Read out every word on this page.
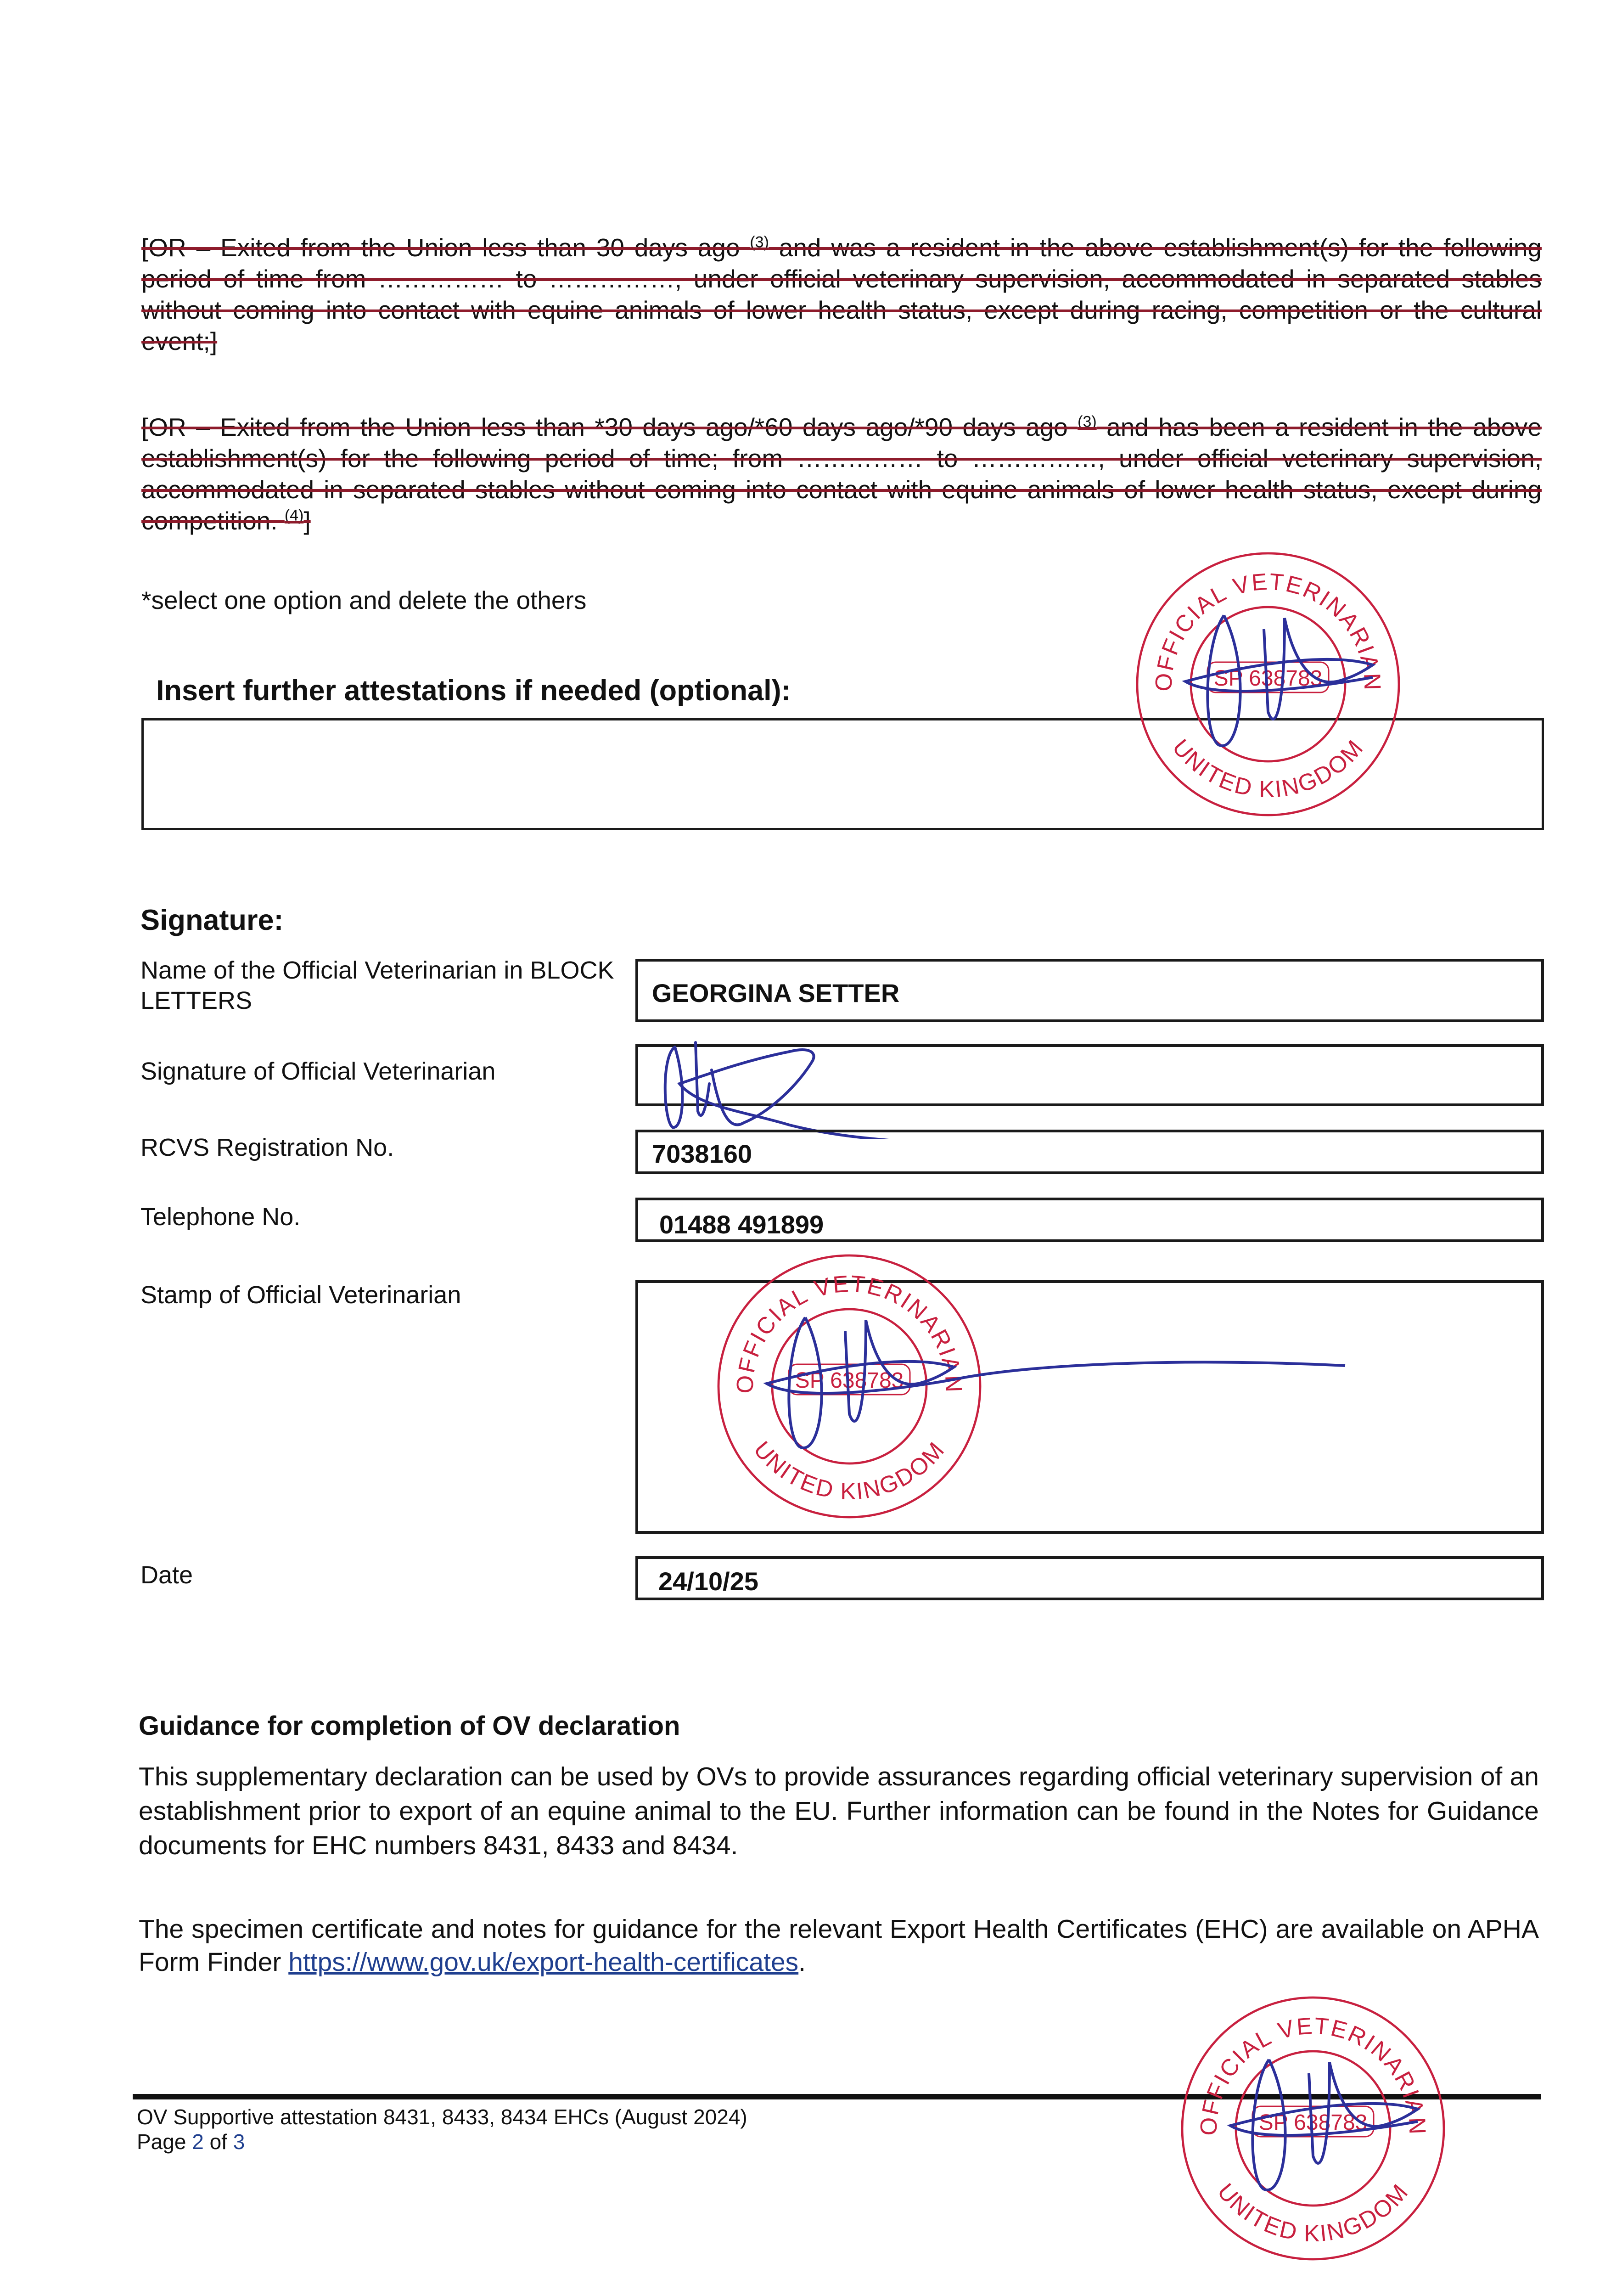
[OR – Exited from the Union less than 30 days ago $^{(3)}$ and was a resident in the above establishment(s) for the following period of time from …………… to ……………, under official veterinary supervision, accommodated in separated stables without coming into contact with equine animals of lower health status, except during racing, competition or the cultural event;]
[OR – Exited from the Union less than *30 days ago/*60 days ago/*90 days ago $^{(3)}$ and has been a resident in the above establishment(s) for the following period of time; from …………… to ……………, under official veterinary supervision, accommodated in separated stables without coming into contact with equine animals of lower health status, except during competition. $^{(4)}$]
*select one option and delete the others
Insert further attestations if needed (optional):
Signature:
Name of the Official Veterinarian in BLOCK LETTERS	GEORGINA SETTER
Signature of Official Veterinarian
RCVS Registration No.	7038160
Telephone No.	01488 491899
Stamp of Official Veterinarian
Date	24/10/25
Guidance for completion of OV declaration
This supplementary declaration can be used by OVs to provide assurances regarding official veterinary supervision of an establishment prior to export of an equine animal to the EU. Further information can be found in the Notes for Guidance documents for EHC numbers 8431, 8433 and 8434.
The specimen certificate and notes for guidance for the relevant Export Health Certificates (EHC) are available on APHA Form Finder https://www.gov.uk/export-health-certificates.
OV Supportive attestation 8431, 8433, 8434 EHCs (August 2024)
Page 2 of 3
OFFICIAL VETERINARIAN
UNITED KINGDOM
SP 638783
OFFICIAL VETERINARIAN
UNITED KINGDOM
SP 638783
OFFICIAL VETERINARIAN
UNITED KINGDOM
SP 638783
